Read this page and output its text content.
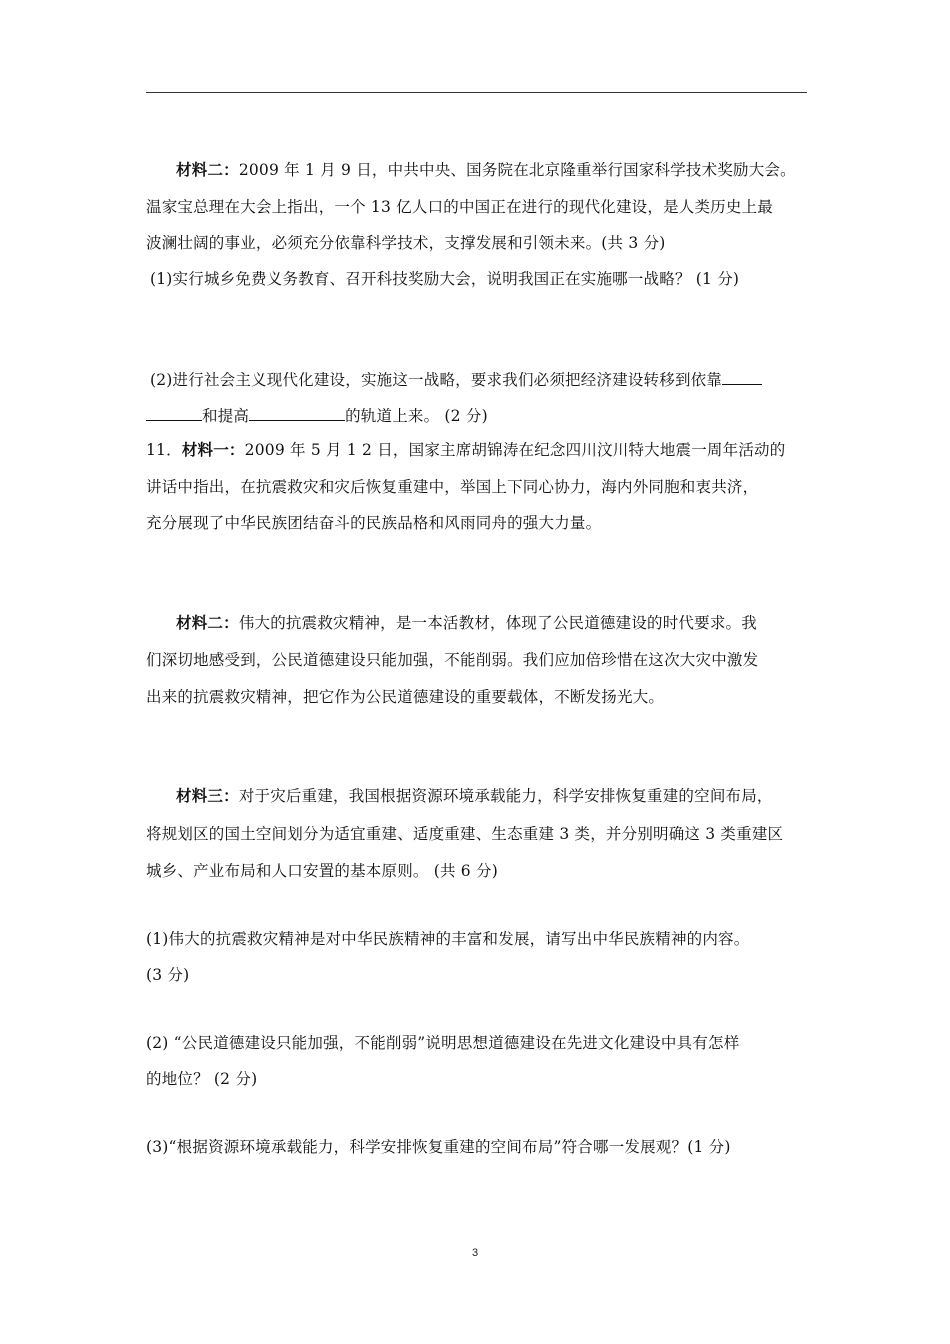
材料二：2009 年 1 月 9 日，中共中央、国务院在北京隆重举行国家科学技术奖励大会。
温家宝总理在大会上指出，一个 13 亿人口的中国正在进行的现代化建设，是人类历史上最
波澜壮阔的事业，必须充分依靠科学技术，支撑发展和引领未来。(共 3 分)
(1)实行城乡免费义务教育、召开科技奖励大会，说明我国正在实施哪一战略？ (1 分)
(2)进行社会主义现代化建设，实施这一战略，要求我们必须把经济建设转移到依靠
和提高	的轨道上来。 (2 分)
11．材料一：2009 年 5 月 1 2 日，国家主席胡锦涛在纪念四川汶川特大地震一周年活动的
讲话中指出，在抗震救灾和灾后恢复重建中，举国上下同心协力，海内外同胞和衷共济，
充分展现了中华民族团结奋斗的民族品格和风雨同舟的强大力量。
材料二：伟大的抗震救灾精神，是一本活教材，体现了公民道德建设的时代要求。我
们深切地感受到，公民道德建设只能加强，不能削弱。我们应加倍珍惜在这次大灾中激发
出来的抗震救灾精神，把它作为公民道德建设的重要载体，不断发扬光大。
材料三：对于灾后重建，我国根据资源环境承载能力，科学安排恢复重建的空间布局，
将规划区的国土空间划分为适宜重建、适度重建、生态重建 3 类，并分别明确这 3 类重建区
城乡、产业布局和人口安置的基本原则。 (共 6 分)
(1)伟大的抗震救灾精神是对中华民族精神的丰富和发展，请写出中华民族精神的内容。
(3 分)
(2) “公民道德建设只能加强，不能削弱”说明思想道德建设在先进文化建设中具有怎样
的地位？ (2 分)
(3)“根据资源环境承载能力，科学安排恢复重建的空间布局”符合哪一发展观？(1 分)
3
